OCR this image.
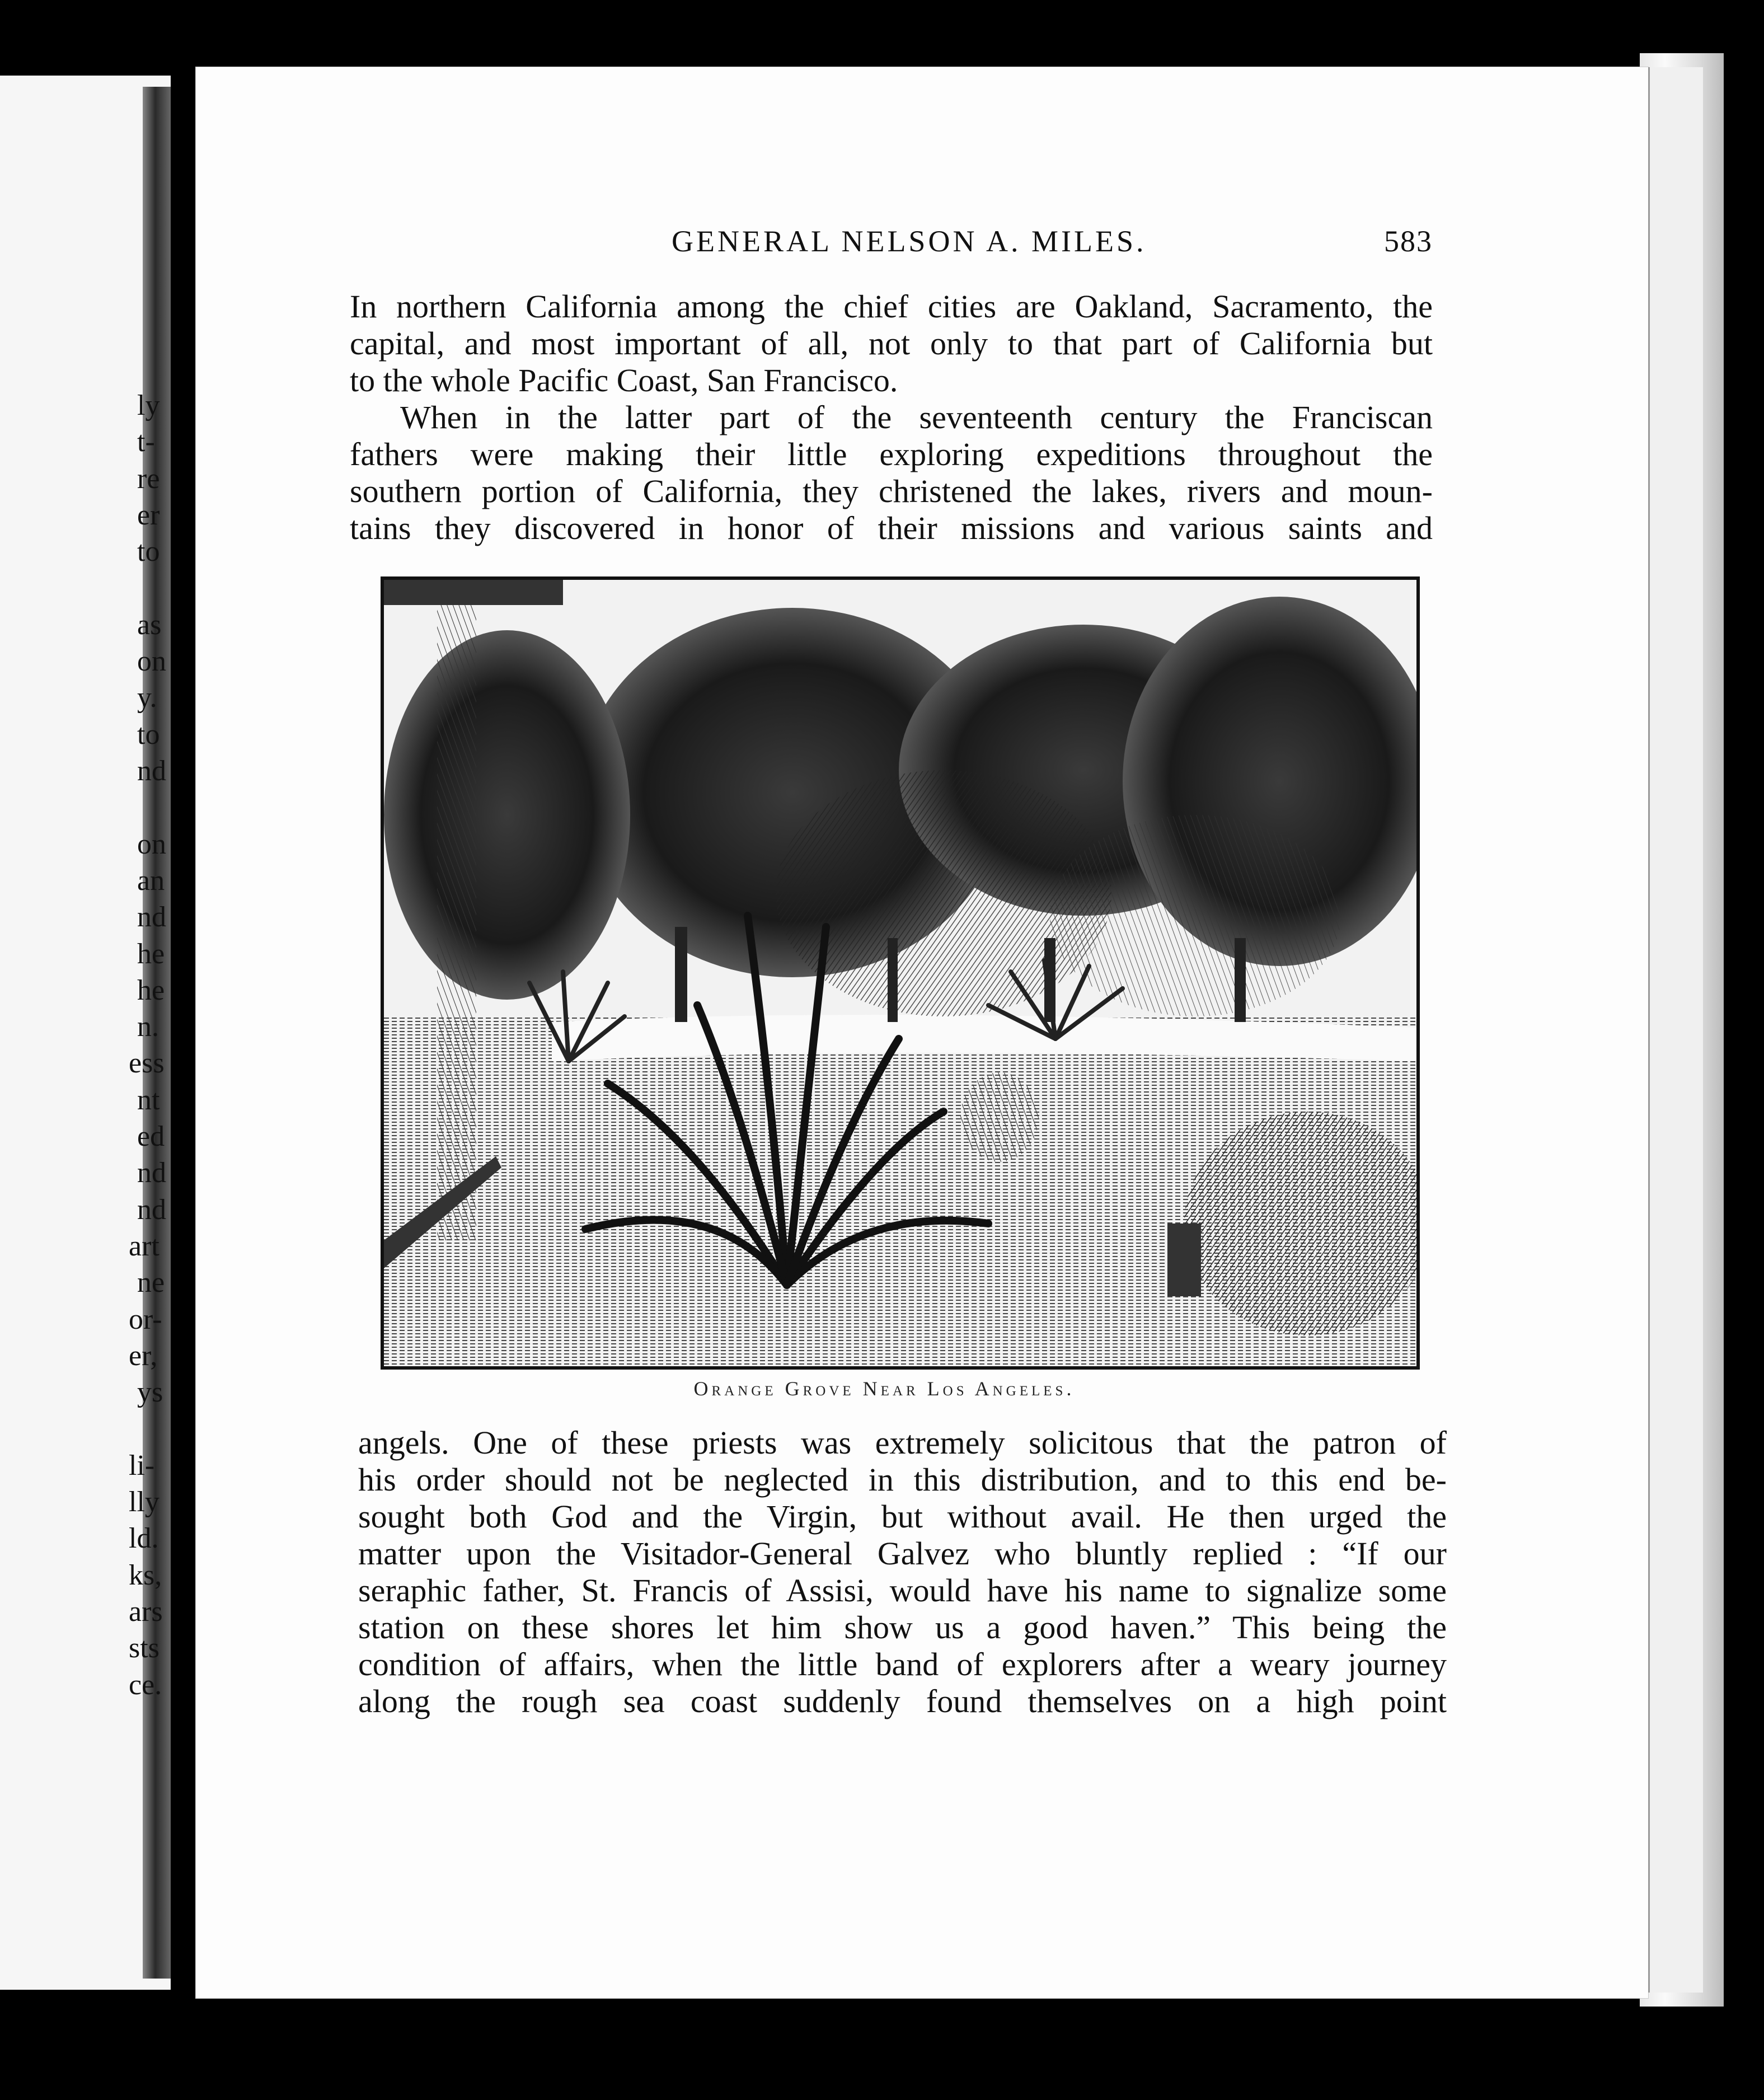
ly
t-
re
er
to
as
on
y.
to
nd
on
an
nd
he
he
n.
ess
nt
ed
nd
nd
art
ne
or-
er,
ys
li-
lly
ld.
ks,
ars
sts
ce.
GENERAL NELSON A. MILES.	583
In northern California among the chief cities are Oakland, Sacramento, the
capital, and most important of all, not only to that part of California but
to the whole Pacific Coast, San Francisco.
When in the latter part of the seventeenth century the Franciscan
fathers were making their little exploring expeditions throughout the
southern portion of California, they christened the lakes, rivers and moun-
tains they discovered in honor of their missions and various saints and
Orange Grove Near Los Angeles.
angels. One of these priests was extremely solicitous that the patron of
his order should not be neglected in this distribution, and to this end be-
sought both God and the Virgin, but without avail. He then urged the
matter upon the Visitador-General Galvez who bluntly replied : “If our
seraphic father, St. Francis of Assisi, would have his name to signalize some
station on these shores let him show us a good haven.” This being the
condition of affairs, when the little band of explorers after a weary journey
along the rough sea coast suddenly found themselves on a high point
